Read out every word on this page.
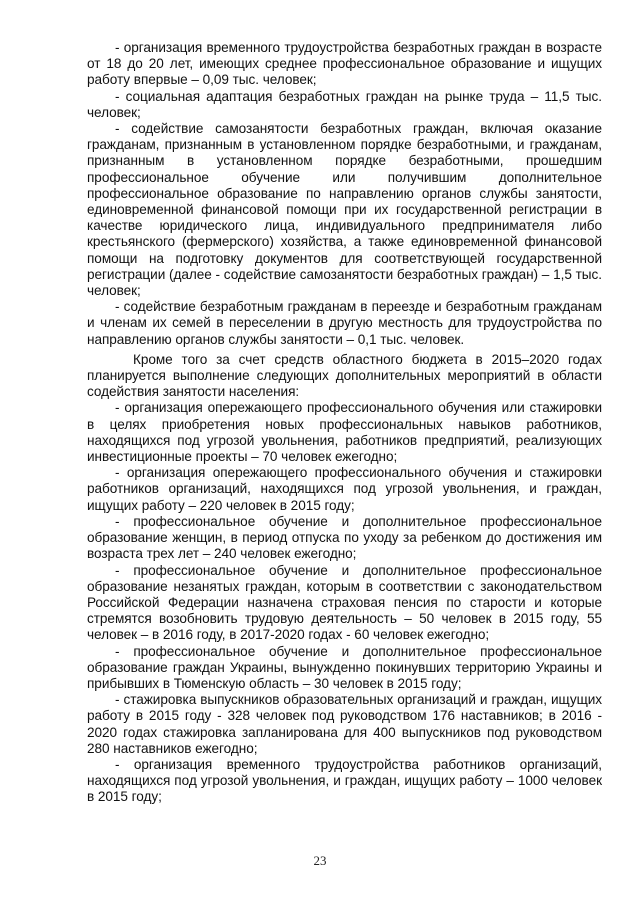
- организация временного трудоустройства безработных граждан в возрасте от 18 до 20 лет, имеющих среднее профессиональное образование и ищущих работу впервые – 0,09 тыс. человек;

- социальная адаптация безработных граждан на рынке труда – 11,5 тыс. человек;

- содействие самозанятости безработных граждан, включая оказание гражданам, признанным в установленном порядке безработными, и гражданам, признанным в установленном порядке безработными, прошедшим профессиональное обучение или получившим дополнительное профессиональное образование по направлению органов службы занятости, единовременной финансовой помощи при их государственной регистрации в качестве юридического лица, индивидуального предпринимателя либо крестьянского (фермерского) хозяйства, а также единовременной финансовой помощи на подготовку документов для соответствующей государственной регистрации (далее - содействие самозанятости безработных граждан) – 1,5 тыс. человек;

- содействие безработным гражданам в переезде и безработным гражданам и членам их семей в переселении в другую местность для трудоустройства по направлению органов службы занятости – 0,1 тыс. человек.

Кроме того за счет средств областного бюджета в 2015–2020 годах планируется выполнение следующих дополнительных мероприятий в области содействия занятости населения:

- организация опережающего профессионального обучения или стажировки в целях приобретения новых профессиональных навыков работников, находящихся под угрозой увольнения, работников предприятий, реализующих инвестиционные проекты – 70 человек ежегодно;

- организация опережающего профессионального обучения и стажировки работников организаций, находящихся под угрозой увольнения, и граждан, ищущих работу – 220 человек в 2015 году;

- профессиональное обучение и дополнительное профессиональное образование женщин, в период отпуска по уходу за ребенком до достижения им возраста трех лет – 240 человек ежегодно;

- профессиональное обучение и дополнительное профессиональное образование незанятых граждан, которым в соответствии с законодательством Российской Федерации назначена страховая пенсия по старости и которые стремятся возобновить трудовую деятельность – 50 человек в 2015 году, 55 человек – в 2016 году, в 2017-2020 годах - 60 человек ежегодно;

- профессиональное обучение и дополнительное профессиональное образование граждан Украины, вынужденно покинувших территорию Украины и прибывших в Тюменскую область – 30 человек в 2015 году;

- стажировка выпускников образовательных организаций и граждан, ищущих работу в 2015 году - 328 человек под руководством 176 наставников; в 2016 - 2020 годах стажировка запланирована для 400 выпускников под руководством 280 наставников ежегодно;

- организация временного трудоустройства работников организаций, находящихся под угрозой увольнения, и граждан, ищущих работу – 1000 человек в 2015 году;

23
